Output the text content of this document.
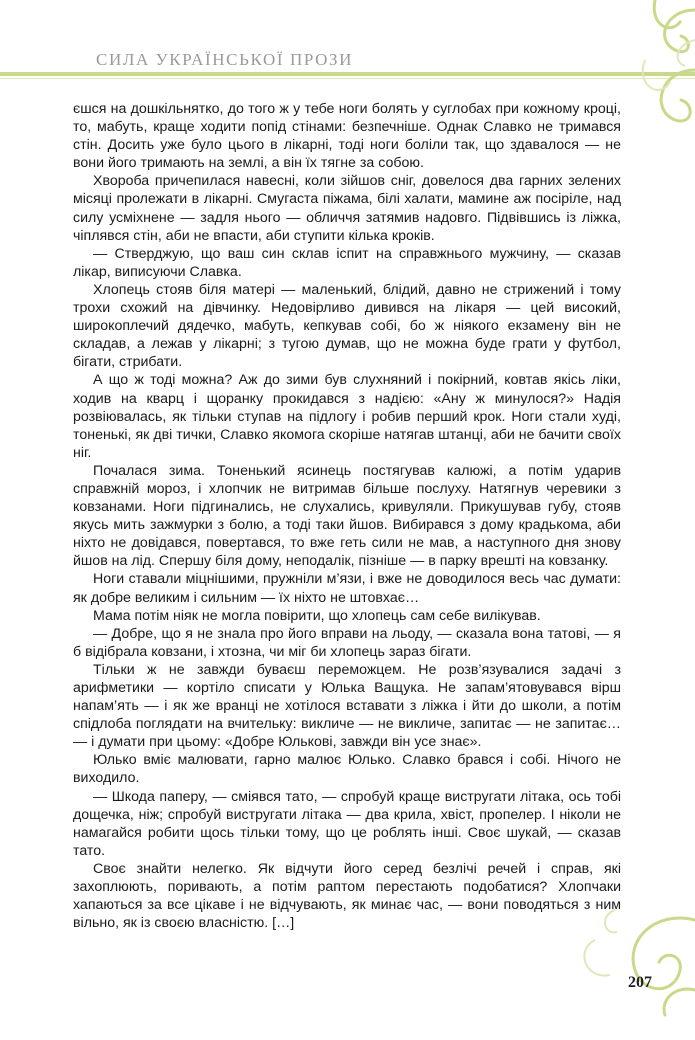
СИЛА УКРАЇНСЬКОЇ ПРОЗИ

єшся на дошкільнятко, до того ж у тебе ноги болять у суглобах при кожному кроці, то, мабуть, краще ходити попід стінами: безпечніше. Однак Славко не тримався стін. Досить уже було цього в лікарні, тоді ноги боліли так, що здавалося — не вони його тримають на землі, а він їх тягне за собою.

Хвороба причепилася навесні, коли зійшов сніг, довелося два гарних зелених місяці пролежати в лікарні. Смугаста піжама, білі халати, мамине аж посіріле, над силу усміхнене — задля нього — обличчя затямив надовго. Підвівшись із ліжка, чіплявся стін, аби не впасти, аби ступити кілька кроків.

— Стверджую, що ваш син склав іспит на справжнього мужчину, — сказав лікар, виписуючи Славка.

Хлопець стояв біля матері — маленький, блідий, давно не стрижений і тому трохи схожий на дівчинку. Недовірливо дивився на лікаря — цей високий, широкоплечий дядечко, мабуть, кепкував собі, бо ж ніякого екзамену він не складав, а лежав у лікарні; з тугою думав, що не можна буде грати у футбол, бігати, стрибати.

А що ж тоді можна? Аж до зими був слухняний і покірний, ковтав якісь ліки, ходив на кварц і щоранку прокидався з надією: «Ану ж минулося?» Надія розвіювалась, як тільки ступав на підлогу і робив перший крок. Ноги стали худі, тоненькі, як дві тички, Славко якомога скоріше натягав штанці, аби не бачити своїх ніг.

Почалася зима. Тоненький ясинець постягував калюжі, а потім ударив справжній мороз, і хлопчик не витримав більше послуху. Натягнув черевики з ковзанами. Ноги підгинались, не слухались, кривуляли. Прикушував губу, стояв якусь мить зажмурки з болю, а тоді таки йшов. Вибирався з дому крадькома, аби ніхто не довідався, повертався, то вже геть сили не мав, а наступного дня знову йшов на лід. Спершу біля дому, неподалік, пізніше — в парку врешті на ковзанку.

Ноги ставали міцнішими, пружніли м’язи, і вже не доводилося весь час думати: як добре великим і сильним — їх ніхто не штовхає…

Мама потім ніяк не могла повірити, що хлопець сам себе вилікував.

— Добре, що я не знала про його вправи на льоду, — сказала вона татові, — я б відібрала ковзани, і хтозна, чи міг би хлопець зараз бігати.

Тільки ж не завжди буваєш переможцем. Не розв’язувалися задачі з арифметики — кортіло списати у Юлька Ващука. Не запам’ятовувався вірш напам’ять — і як же вранці не хотілося вставати з ліжка і йти до школи, а потім спідлоба поглядати на вчительку: викличе — не викличе, запитає — не запитає… — і думати при цьому: «Добре Юлькові, завжди він усе знає».

Юлько вміє малювати, гарно малює Юлько. Славко брався і собі. Нічого не виходило.

— Шкода паперу, — сміявся тато, — спробуй краще вистругати літака, ось тобі дощечка, ніж; спробуй вистругати літака — два крила, хвіст, пропелер. І ніколи не намагайся робити щось тільки тому, що це роблять інші. Своє шукай, — сказав тато.

Своє знайти нелегко. Як відчути його серед безлічі речей і справ, які захоплюють, поривають, а потім раптом перестають подобатися? Хлопчаки хапаються за все цікаве і не відчувають, як минає час, — вони поводяться з ним вільно, як із своєю власністю. […]

207
